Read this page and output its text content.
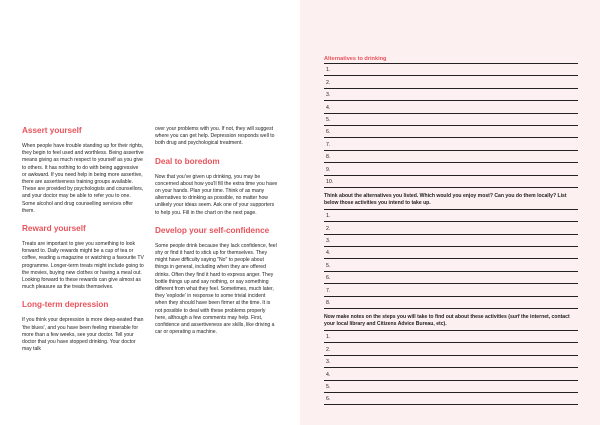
Assert yourself

When people have trouble standing up for their rights, they begin to feel used and worthless. Being assertive means giving as much respect to yourself as you give to others. It has nothing to do with being aggressive or awkward. If you need help in being more assertive, there are assertiveness training groups available. These are provided by psychologists and counsellors, and your doctor may be able to refer you to one. Some alcohol and drug counselling services offer them.

Reward yourself

Treats are important to give you something to look forward to. Daily rewards might be a cup of tea or coffee, reading a magazine or watching a favourite TV programme. Longer-term treats might include going to the movies, buying new clothes or having a meal out. Looking forward to these rewards can give almost as much pleasure as the treats themselves.

Long-term depression

If you think your depression is more deep-seated than 'the blues', and you have been feeling miserable for more than a few weeks, see your doctor. Tell your doctor that you have stopped drinking. Your doctor may talk

over your problems with you. If not, they will suggest where you can get help. Depression responds well to both drug and psychological treatment.

Deal to boredom

Now that you've given up drinking, you may be concerned about how you'll fill the extra time you have on your hands. Plan your time. Think of as many alternatives to drinking as possible, no matter how unlikely your ideas seem. Ask one of your supporters to help you. Fill in the chart on the next page.

Develop your self-confidence

Some people drink because they lack confidence, feel shy or find it hard to stick up for themselves. They might have difficulty saying "No" to people about things in general, including when they are offered drinks. Often they find it hard to express anger. They bottle things up and say nothing, or say something different from what they feel. Sometimes, much later, they 'explode' in response to some trivial incident when they should have been firmer at the time. It is not possible to deal with these problems properly here, although a few comments may help. First, confidence and assertiveness are skills, like driving a car or operating a machine.

Alternatives to drinking
1.
2.
3.
4.
5.
6.
7.
8.
9.
10.
Think about the alternatives you listed. Which would you enjoy most? Can you do them locally? List below those activities you intend to take up.
1.
2.
3.
4.
5.
6.
7.
8.
Now make notes on the steps you will take to find out about these activities (surf the internet, contact your local library and Citizens Advice Bureau, etc).
1.
2.
3.
4.
5.
6.
